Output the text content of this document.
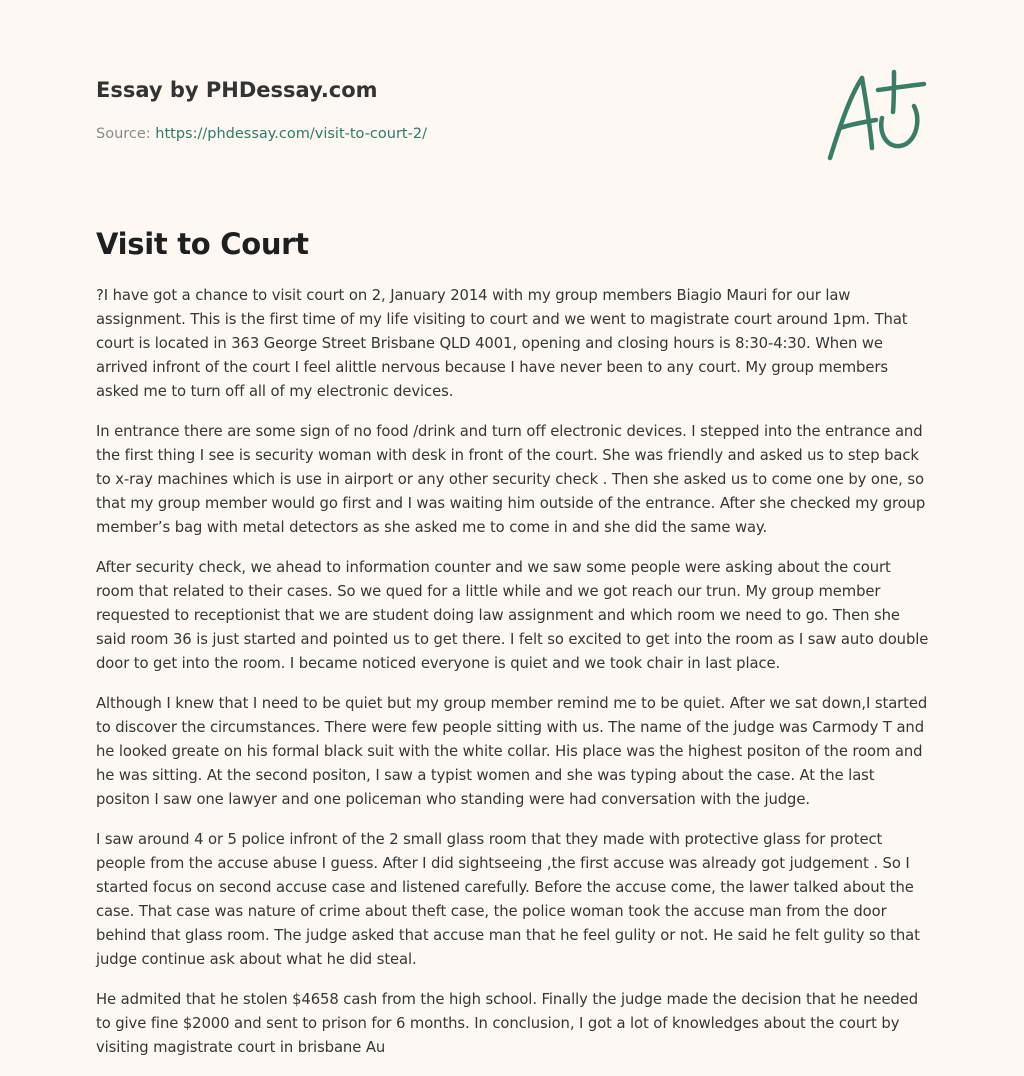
Essay by PHDessay.com
Source: https://phdessay.com/visit-to-court-2/
Visit to Court

?I have got a chance to visit court on 2, January 2014 with my group members Biagio Mauri for our law assignment. This is the first time of my life visiting to court and we went to magistrate court around 1pm. That court is located in 363 George Street Brisbane QLD 4001, opening and closing hours is 8:30-4:30. When we arrived infront of the court I feel alittle nervous because I have never been to any court. My group members asked me to turn off all of my electronic devices.

In entrance there are some sign of no food /drink and turn off electronic devices. I stepped into the entrance and the first thing I see is security woman with desk in front of the court. She was friendly and asked us to step back to x-ray machines which is use in airport or any other security check . Then she asked us to come one by one, so that my group member would go first and I was waiting him outside of the entrance. After she checked my group member’s bag with metal detectors as she asked me to come in and she did the same way.

After security check, we ahead to information counter and we saw some people were asking about the court room that related to their cases. So we qued for a little while and we got reach our trun. My group member requested to receptionist that we are student doing law assignment and which room we need to go. Then she said room 36 is just started and pointed us to get there. I felt so excited to get into the room as I saw auto double door to get into the room. I became noticed everyone is quiet and we took chair in last place.

Although I knew that I need to be quiet but my group member remind me to be quiet. After we sat down,I started to discover the circumstances. There were few people sitting with us. The name of the judge was Carmody T and he looked greate on his formal black suit with the white collar. His place was the highest positon of the room and he was sitting. At the second positon, I saw a typist women and she was typing about the case. At the last positon I saw one lawyer and one policeman who standing were had conversation with the judge.

I saw around 4 or 5 police infront of the 2 small glass room that they made with protective glass for protect people from the accuse abuse I guess. After I did sightseeing ,the first accuse was already got judgement . So I started focus on second accuse case and listened carefully. Before the accuse come, the lawer talked about the case. That case was nature of crime about theft case, the police woman took the accuse man from the door behind that glass room. The judge asked that accuse man that he feel gulity or not. He said he felt gulity so that judge continue ask about what he did steal.

He admited that he stolen $4658 cash from the high school. Finally the judge made the decision that he needed to give fine $2000 and sent to prison for 6 months. In conclusion, I got a lot of knowledges about the court by visiting magistrate court in brisbane Au
